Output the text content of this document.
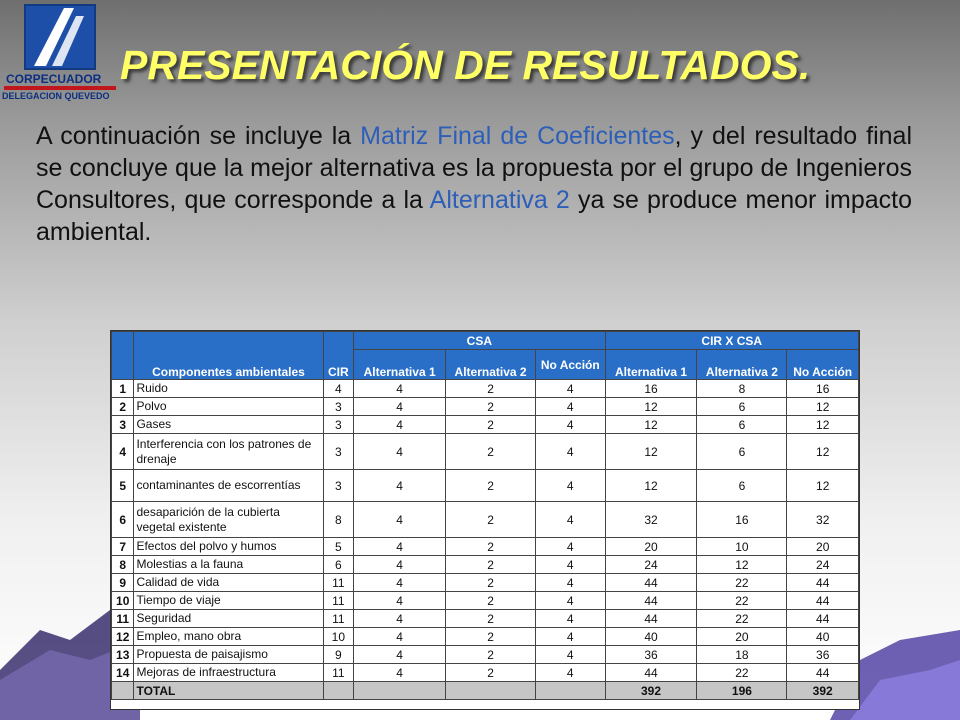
CORPECUADOR
DELEGACION QUEVEDO
PRESENTACIÓN DE RESULTADOS.
A continuación se incluye la Matriz Final de Coeficientes, y del resultado final se concluye que la mejor alternativa es la propuesta por el grupo de Ingenieros Consultores, que corresponde a la Alternativa 2 ya se produce menor impacto ambiental.
	Componentes ambientales	CIR	CSA			CIR X CSA		
			Alternativa 1	Alternativa 2	No Acción	Alternativa 1	Alternativa 2	No Acción
1	Ruido	4	4	2	4	16	8	16
2	Polvo	3	4	2	4	12	6	12
3	Gases	3	4	2	4	12	6	12
4	Interferencia con los patrones de drenaje	3	4	2	4	12	6	12
5	contaminantes de escorrentías	3	4	2	4	12	6	12
6	desaparición de la cubierta vegetal existente	8	4	2	4	32	16	32
7	Efectos del polvo y humos	5	4	2	4	20	10	20
8	Molestias a la fauna	6	4	2	4	24	12	24
9	Calidad de vida	11	4	2	4	44	22	44
10	Tiempo de viaje	11	4	2	4	44	22	44
11	Seguridad	11	4	2	4	44	22	44
12	Empleo, mano obra	10	4	2	4	40	20	40
13	Propuesta de paisajismo	9	4	2	4	36	18	36
14	Mejoras de infraestructura	11	4	2	4	44	22	44
	TOTAL					392	196	392
